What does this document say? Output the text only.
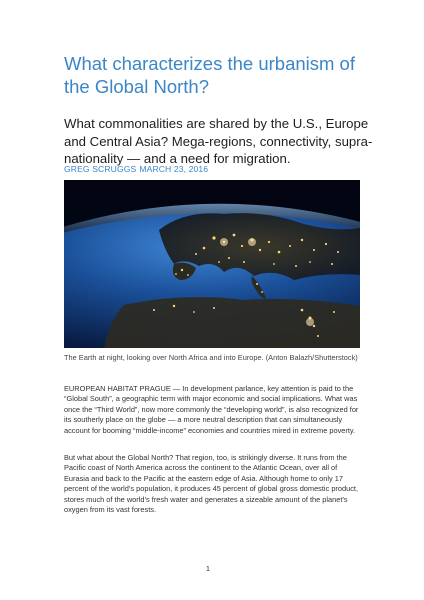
What characterizes the urbanism of the Global North?

What commonalities are shared by the U.S., Europe and Central Asia? Mega-regions, connectivity, supra-nationality — and a need for migration.

GREG SCRUGGS MARCH 23, 2016

The Earth at night, looking over North Africa and into Europe. (Anton Balazh/Shutterstock)

EUROPEAN HABITAT PRAGUE — In development parlance, key attention is paid to the “Global South”, a geographic term with major economic and social implications. What was once the “Third World”, now more commonly the “developing world”, is also recognized for its southerly place on the globe — a more neutral description that can simultaneously account for booming “middle-income” economies and countries mired in extreme poverty.

But what about the Global North? That region, too, is strikingly diverse. It runs from the Pacific coast of North America across the continent to the Atlantic Ocean, over all of Eurasia and back to the Pacific at the eastern edge of Asia. Although home to only 17 percent of the world’s population, it produces 45 percent of global gross domestic product, stores much of the world’s fresh water and generates a sizeable amount of the planet’s oxygen from its vast forests.

1
